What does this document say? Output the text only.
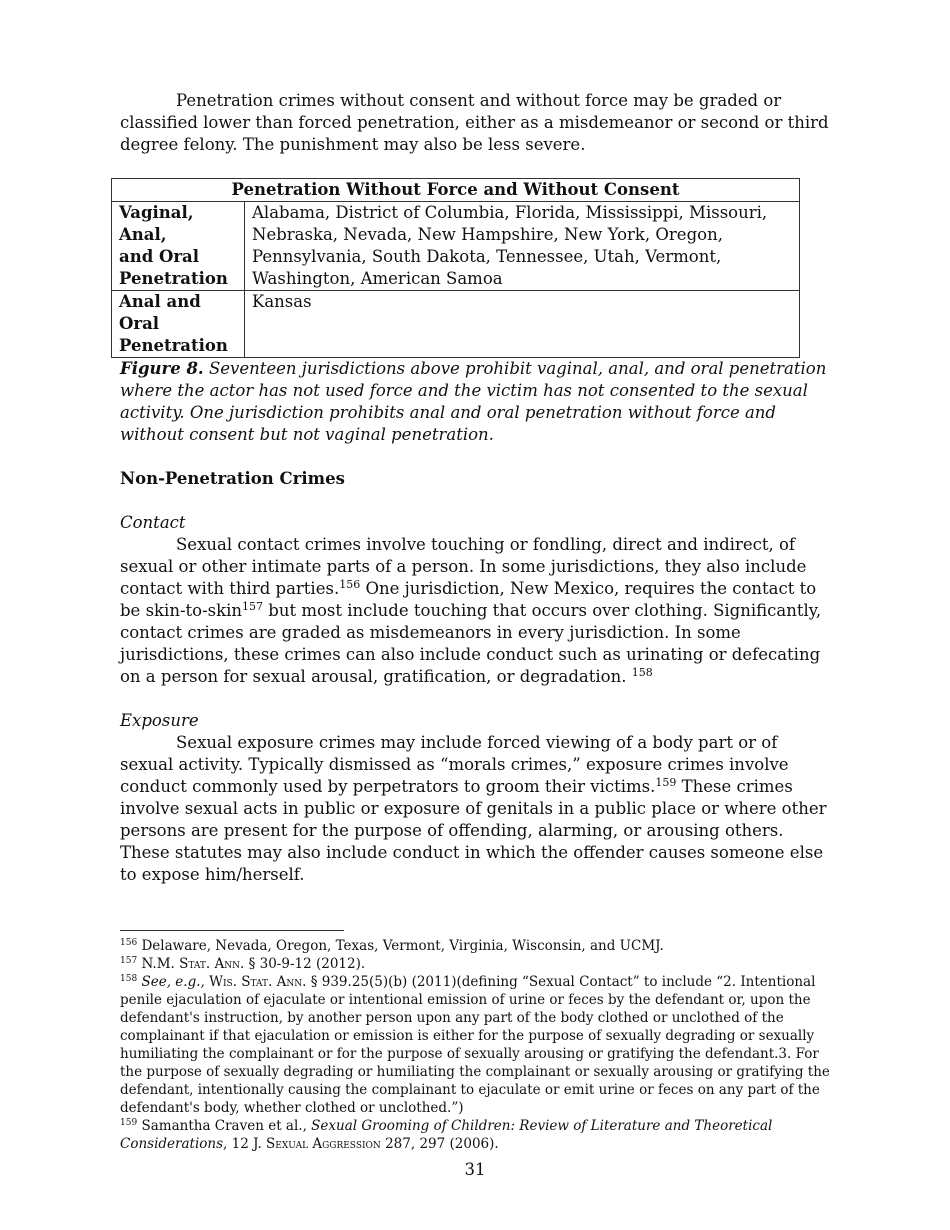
Penetration crimes without consent and without force may be graded or classified lower than forced penetration, either as a misdemeanor or second or third degree felony. The punishment may also be less severe.

Penetration Without Force and Without Consent	
Vaginal, Anal,
and Oral
Penetration	Alabama, District of Columbia, Florida, Mississippi, Missouri, Nebraska, Nevada, New Hampshire, New York, Oregon, Pennsylvania, South Dakota, Tennessee, Utah, Vermont, Washington, American Samoa
Anal and Oral
Penetration	Kansas

Figure 8. Seventeen jurisdictions above prohibit vaginal, anal, and oral penetration where the actor has not used force and the victim has not consented to the sexual activity. One jurisdiction prohibits anal and oral penetration without force and without consent but not vaginal penetration.

Non-Penetration Crimes

Contact

Sexual contact crimes involve touching or fondling, direct and indirect, of sexual or other intimate parts of a person. In some jurisdictions, they also include contact with third parties.$^{156}$ One jurisdiction, New Mexico, requires the contact to be skin-to-skin$^{157}$ but most include touching that occurs over clothing. Significantly, contact crimes are graded as misdemeanors in every jurisdiction. In some jurisdictions, these crimes can also include conduct such as urinating or defecating on a person for sexual arousal, gratification, or degradation. $^{158}$

Exposure

Sexual exposure crimes may include forced viewing of a body part or of sexual activity. Typically dismissed as “morals crimes,” exposure crimes involve conduct commonly used by perpetrators to groom their victims.$^{159}$ These crimes involve sexual acts in public or exposure of genitals in a public place or where other persons are present for the purpose of offending, alarming, or arousing others. These statutes may also include conduct in which the offender causes someone else to expose him/herself.

$^{156}$ Delaware, Nevada, Oregon, Texas, Vermont, Virginia, Wisconsin, and UCMJ.

$^{157}$ N.M. Stat. Ann. § 30-9-12 (2012).

$^{158}$ See, e.g., Wis. Stat. Ann. § 939.25(5)(b) (2011)(defining “Sexual Contact” to include “2. Intentional penile ejaculation of ejaculate or intentional emission of urine or feces by the defendant or, upon the defendant's instruction, by another person upon any part of the body clothed or unclothed of the complainant if that ejaculation or emission is either for the purpose of sexually degrading or sexually humiliating the complainant or for the purpose of sexually arousing or gratifying the defendant.3. For the purpose of sexually degrading or humiliating the complainant or sexually arousing or gratifying the defendant, intentionally causing the complainant to ejaculate or emit urine or feces on any part of the defendant's body, whether clothed or unclothed.”)

$^{159}$ Samantha Craven et al., Sexual Grooming of Children: Review of Literature and Theoretical Considerations, 12 J. Sexual Aggression 287, 297 (2006).

31
